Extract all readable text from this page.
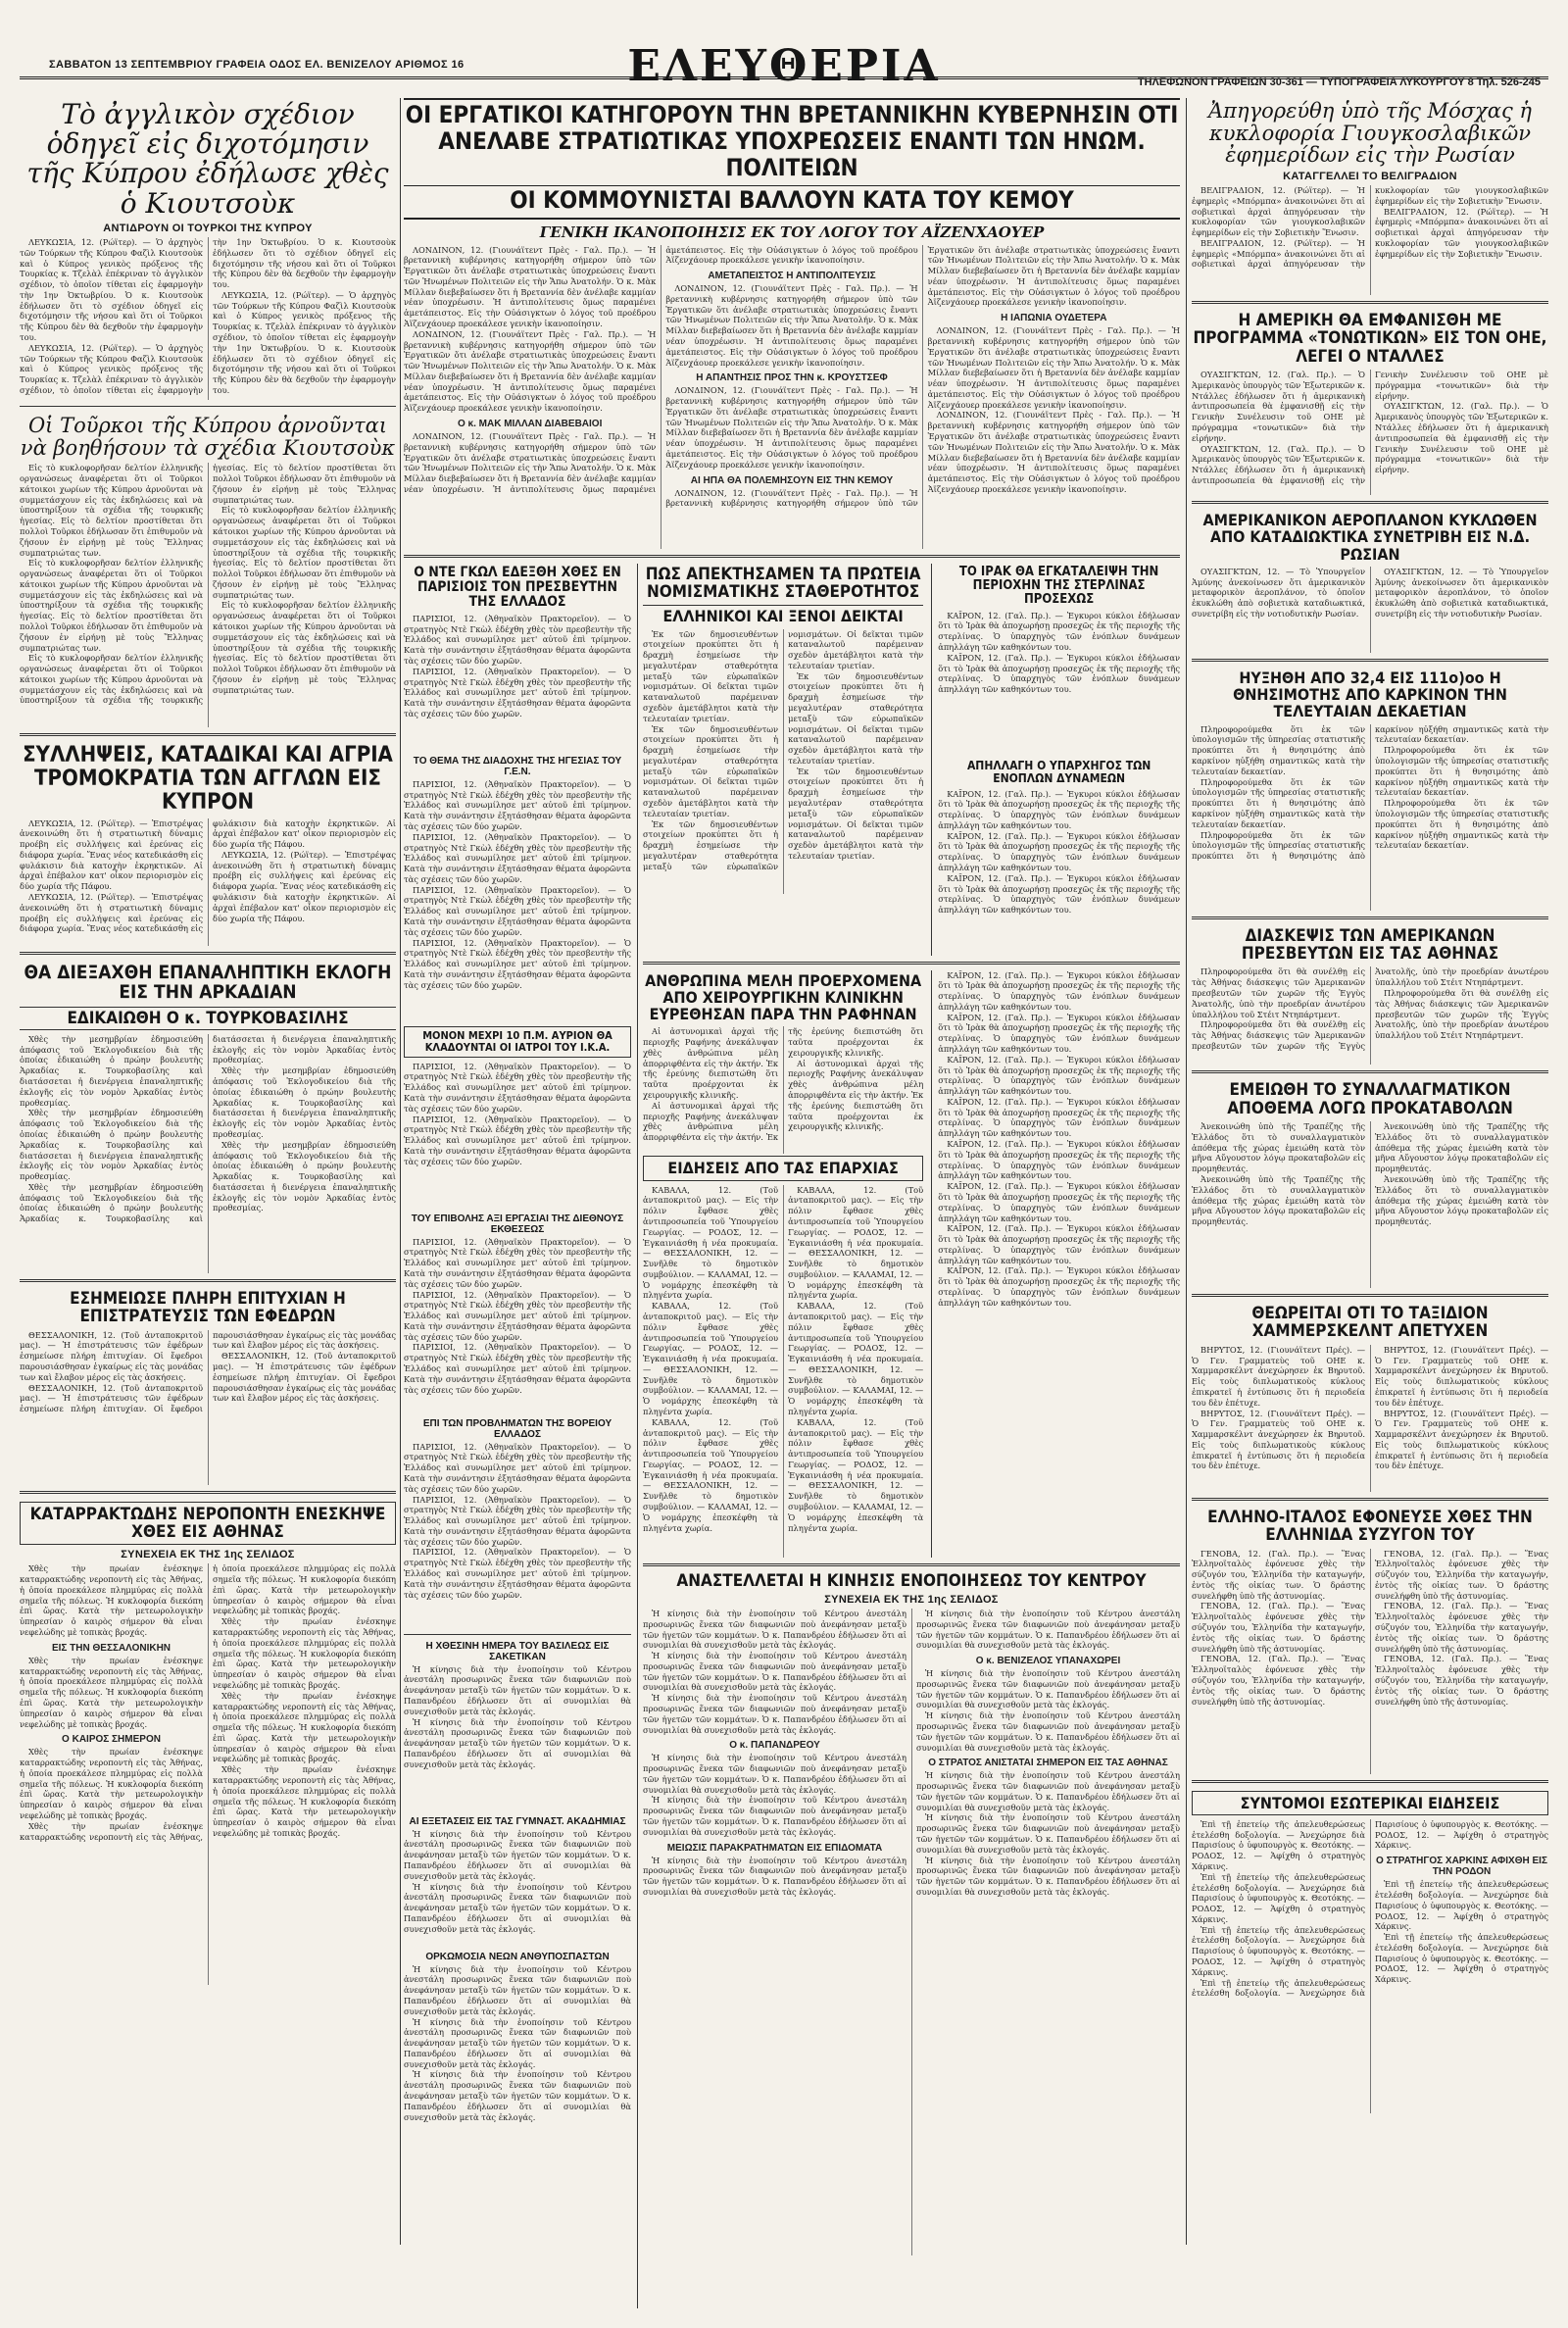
ΣΑΒΒΑΤΟΝ 13 ΣΕΠΤΕΜΒΡΙΟΥ ΓΡΑΦΕΙΑ ΟΔΟΣ ΕΛ. ΒΕΝΙΖΕΛΟΥ ΑΡΙΘΜΟΣ 16	ΕΛΕΥΘΕΡΙΑ	ΤΗΛΕΦΩΝΟΝ ΓΡΑΦΕΙΩΝ 30-361 — ΤΥΠΟΓΡΑΦΕΙΑ ΛΥΚΟΥΡΓΟΥ 8 Τηλ. 526-245
Τὸ ἀγγλικὸν σχέδιον ὁδηγεῖ εἰς διχοτόμησιν τῆς Κύπρου ἐδήλωσε χθὲς ὁ Κιουτσοὺκ
ΑΝΤΙΔΡΟΥΝ ΟΙ ΤΟΥΡΚΟΙ ΤΗΣ ΚΥΠΡΟΥ

ΛΕΥΚΩΣΙΑ, 12. (Ρώϊτερ). — Ὁ ἀρχηγὸς τῶν Τούρκων τῆς Κύπρου Φαζὶλ Κιουτσοὺκ καὶ ὁ Κύπρος γενικὸς πρόξενος τῆς Τουρκίας κ. Τζελὰλ ἐπέκριναν τὸ ἀγγλικὸν σχέδιον, τὸ ὁποῖον τίθεται εἰς ἐφαρμογὴν τὴν 1ην Ὀκτωβρίου. Ὁ κ. Κιουτσοὺκ ἐδήλωσεν ὅτι τὸ σχέδιον ὁδηγεῖ εἰς διχοτόμησιν τῆς νήσου καὶ ὅτι οἱ Τοῦρκοι τῆς Κύπρου δὲν θὰ δεχθοῦν τὴν ἐφαρμογὴν του.

ΛΕΥΚΩΣΙΑ, 12. (Ρώϊτερ). — Ὁ ἀρχηγὸς τῶν Τούρκων τῆς Κύπρου Φαζὶλ Κιουτσοὺκ καὶ ὁ Κύπρος γενικὸς πρόξενος τῆς Τουρκίας κ. Τζελὰλ ἐπέκριναν τὸ ἀγγλικὸν σχέδιον, τὸ ὁποῖον τίθεται εἰς ἐφαρμογὴν τὴν 1ην Ὀκτωβρίου. Ὁ κ. Κιουτσοὺκ ἐδήλωσεν ὅτι τὸ σχέδιον ὁδηγεῖ εἰς διχοτόμησιν τῆς νήσου καὶ ὅτι οἱ Τοῦρκοι τῆς Κύπρου δὲν θὰ δεχθοῦν τὴν ἐφαρμογὴν του.

ΛΕΥΚΩΣΙΑ, 12. (Ρώϊτερ). — Ὁ ἀρχηγὸς τῶν Τούρκων τῆς Κύπρου Φαζὶλ Κιουτσοὺκ καὶ ὁ Κύπρος γενικὸς πρόξενος τῆς Τουρκίας κ. Τζελὰλ ἐπέκριναν τὸ ἀγγλικὸν σχέδιον, τὸ ὁποῖον τίθεται εἰς ἐφαρμογὴν τὴν 1ην Ὀκτωβρίου. Ὁ κ. Κιουτσοὺκ ἐδήλωσεν ὅτι τὸ σχέδιον ὁδηγεῖ εἰς διχοτόμησιν τῆς νήσου καὶ ὅτι οἱ Τοῦρκοι τῆς Κύπρου δὲν θὰ δεχθοῦν τὴν ἐφαρμογὴν του.

Οἱ Τοῦρκοι τῆς Κύπρου ἀρνοῦνται νὰ βοηθήσουν τὰ σχέδια Κιουτσοὺκ

Εἰς τὸ κυκλοφορῆσαν δελτίον ἐλληνικῆς οργανώσεως ἀναφέρεται ὅτι οἱ Τοῦρκοι κάτοικοι χωρίων τῆς Κύπρου ἀρνοῦνται νὰ συμμετάσχουν εἰς τὰς ἐκδηλώσεις καὶ νὰ ὑποστηρίξουν τὰ σχέδια τῆς τουρκικῆς ἡγεσίας. Εἰς τὸ δελτίον προστίθεται ὅτι πολλοὶ Τοῦρκοι ἐδήλωσαν ὅτι ἐπιθυμοῦν νὰ ζήσουν ἐν εἰρήνῃ μὲ τοὺς Ἕλληνας συμπατριώτας των.

Εἰς τὸ κυκλοφορῆσαν δελτίον ἐλληνικῆς οργανώσεως ἀναφέρεται ὅτι οἱ Τοῦρκοι κάτοικοι χωρίων τῆς Κύπρου ἀρνοῦνται νὰ συμμετάσχουν εἰς τὰς ἐκδηλώσεις καὶ νὰ ὑποστηρίξουν τὰ σχέδια τῆς τουρκικῆς ἡγεσίας. Εἰς τὸ δελτίον προστίθεται ὅτι πολλοὶ Τοῦρκοι ἐδήλωσαν ὅτι ἐπιθυμοῦν νὰ ζήσουν ἐν εἰρήνῃ μὲ τοὺς Ἕλληνας συμπατριώτας των.

Εἰς τὸ κυκλοφορῆσαν δελτίον ἐλληνικῆς οργανώσεως ἀναφέρεται ὅτι οἱ Τοῦρκοι κάτοικοι χωρίων τῆς Κύπρου ἀρνοῦνται νὰ συμμετάσχουν εἰς τὰς ἐκδηλώσεις καὶ νὰ ὑποστηρίξουν τὰ σχέδια τῆς τουρκικῆς ἡγεσίας. Εἰς τὸ δελτίον προστίθεται ὅτι πολλοὶ Τοῦρκοι ἐδήλωσαν ὅτι ἐπιθυμοῦν νὰ ζήσουν ἐν εἰρήνῃ μὲ τοὺς Ἕλληνας συμπατριώτας των.

Εἰς τὸ κυκλοφορῆσαν δελτίον ἐλληνικῆς οργανώσεως ἀναφέρεται ὅτι οἱ Τοῦρκοι κάτοικοι χωρίων τῆς Κύπρου ἀρνοῦνται νὰ συμμετάσχουν εἰς τὰς ἐκδηλώσεις καὶ νὰ ὑποστηρίξουν τὰ σχέδια τῆς τουρκικῆς ἡγεσίας. Εἰς τὸ δελτίον προστίθεται ὅτι πολλοὶ Τοῦρκοι ἐδήλωσαν ὅτι ἐπιθυμοῦν νὰ ζήσουν ἐν εἰρήνῃ μὲ τοὺς Ἕλληνας συμπατριώτας των.

Εἰς τὸ κυκλοφορῆσαν δελτίον ἐλληνικῆς οργανώσεως ἀναφέρεται ὅτι οἱ Τοῦρκοι κάτοικοι χωρίων τῆς Κύπρου ἀρνοῦνται νὰ συμμετάσχουν εἰς τὰς ἐκδηλώσεις καὶ νὰ ὑποστηρίξουν τὰ σχέδια τῆς τουρκικῆς ἡγεσίας. Εἰς τὸ δελτίον προστίθεται ὅτι πολλοὶ Τοῦρκοι ἐδήλωσαν ὅτι ἐπιθυμοῦν νὰ ζήσουν ἐν εἰρήνῃ μὲ τοὺς Ἕλληνας συμπατριώτας των.

ΣΥΛΛΗΨΕΙΣ, ΚΑΤΑΔΙΚΑΙ ΚΑΙ ΑΓΡΙΑ ΤΡΟΜΟΚΡΑΤΙΑ ΤΩΝ ΑΓΓΛΩΝ ΕΙΣ ΚΥΠΡΟΝ

ΛΕΥΚΩΣΙΑ, 12. (Ρώϊτερ). — Ἐπιστρέψας ἀνεκοινώθη ὅτι ἡ στρατιωτικὴ δύναμις προέβη εἰς συλλήψεις καὶ ἐρεύνας εἰς διάφορα χωρία. Ἕνας νέος κατεδικάσθη εἰς φυλάκισιν διὰ κατοχὴν ἐκρηκτικῶν. Αἱ ἀρχαὶ ἐπέβαλον κατ' οἶκον περιορισμὸν εἰς δύο χωρία τῆς Πάφου.

ΛΕΥΚΩΣΙΑ, 12. (Ρώϊτερ). — Ἐπιστρέψας ἀνεκοινώθη ὅτι ἡ στρατιωτικὴ δύναμις προέβη εἰς συλλήψεις καὶ ἐρεύνας εἰς διάφορα χωρία. Ἕνας νέος κατεδικάσθη εἰς φυλάκισιν διὰ κατοχὴν ἐκρηκτικῶν. Αἱ ἀρχαὶ ἐπέβαλον κατ' οἶκον περιορισμὸν εἰς δύο χωρία τῆς Πάφου.

ΛΕΥΚΩΣΙΑ, 12. (Ρώϊτερ). — Ἐπιστρέψας ἀνεκοινώθη ὅτι ἡ στρατιωτικὴ δύναμις προέβη εἰς συλλήψεις καὶ ἐρεύνας εἰς διάφορα χωρία. Ἕνας νέος κατεδικάσθη εἰς φυλάκισιν διὰ κατοχὴν ἐκρηκτικῶν. Αἱ ἀρχαὶ ἐπέβαλον κατ' οἶκον περιορισμὸν εἰς δύο χωρία τῆς Πάφου.

ΘΑ ΔΙΕΞΑΧΘΗ ΕΠΑΝΑΛΗΠΤΙΚΗ ΕΚΛΟΓΗ ΕΙΣ ΤΗΝ ΑΡΚΑΔΙΑΝ
ΕΔΙΚΑΙΩΘΗ Ο κ. ΤΟΥΡΚΟΒΑΣΙΛΗΣ

Χθὲς τὴν μεσημβρίαν ἐδημοσιεύθη ἀπόφασις τοῦ Ἐκλογοδικείου διὰ τῆς ὁποίας ἐδικαιώθη ὁ πρώην βουλευτὴς Ἀρκαδίας κ. Τουρκοβασίλης καὶ διατάσσεται ἡ διενέργεια ἐπαναληπτικῆς ἐκλογῆς εἰς τὸν νομὸν Ἀρκαδίας ἐντὸς προθεσμίας.

Χθὲς τὴν μεσημβρίαν ἐδημοσιεύθη ἀπόφασις τοῦ Ἐκλογοδικείου διὰ τῆς ὁποίας ἐδικαιώθη ὁ πρώην βουλευτὴς Ἀρκαδίας κ. Τουρκοβασίλης καὶ διατάσσεται ἡ διενέργεια ἐπαναληπτικῆς ἐκλογῆς εἰς τὸν νομὸν Ἀρκαδίας ἐντὸς προθεσμίας.

Χθὲς τὴν μεσημβρίαν ἐδημοσιεύθη ἀπόφασις τοῦ Ἐκλογοδικείου διὰ τῆς ὁποίας ἐδικαιώθη ὁ πρώην βουλευτὴς Ἀρκαδίας κ. Τουρκοβασίλης καὶ διατάσσεται ἡ διενέργεια ἐπαναληπτικῆς ἐκλογῆς εἰς τὸν νομὸν Ἀρκαδίας ἐντὸς προθεσμίας.

Χθὲς τὴν μεσημβρίαν ἐδημοσιεύθη ἀπόφασις τοῦ Ἐκλογοδικείου διὰ τῆς ὁποίας ἐδικαιώθη ὁ πρώην βουλευτὴς Ἀρκαδίας κ. Τουρκοβασίλης καὶ διατάσσεται ἡ διενέργεια ἐπαναληπτικῆς ἐκλογῆς εἰς τὸν νομὸν Ἀρκαδίας ἐντὸς προθεσμίας.

Χθὲς τὴν μεσημβρίαν ἐδημοσιεύθη ἀπόφασις τοῦ Ἐκλογοδικείου διὰ τῆς ὁποίας ἐδικαιώθη ὁ πρώην βουλευτὴς Ἀρκαδίας κ. Τουρκοβασίλης καὶ διατάσσεται ἡ διενέργεια ἐπαναληπτικῆς ἐκλογῆς εἰς τὸν νομὸν Ἀρκαδίας ἐντὸς προθεσμίας.

ΕΣΗΜΕΙΩΣΕ ΠΛΗΡΗ ΕΠΙΤΥΧΙΑΝ Η ΕΠΙΣΤΡΑΤΕΥΣΙΣ ΤΩΝ ΕΦΕΔΡΩΝ

ΘΕΣΣΑΛΟΝΙΚΗ, 12. (Τοῦ ἀνταποκριτοῦ μας). — Ἡ ἐπιστράτευσις τῶν ἐφέδρων ἐσημείωσε πλήρη ἐπιτυχίαν. Οἱ ἔφεδροι παρουσιάσθησαν ἐγκαίρως εἰς τὰς μονάδας των καὶ ἔλαβον μέρος εἰς τὰς ἀσκήσεις.

ΘΕΣΣΑΛΟΝΙΚΗ, 12. (Τοῦ ἀνταποκριτοῦ μας). — Ἡ ἐπιστράτευσις τῶν ἐφέδρων ἐσημείωσε πλήρη ἐπιτυχίαν. Οἱ ἔφεδροι παρουσιάσθησαν ἐγκαίρως εἰς τὰς μονάδας των καὶ ἔλαβον μέρος εἰς τὰς ἀσκήσεις.

ΘΕΣΣΑΛΟΝΙΚΗ, 12. (Τοῦ ἀνταποκριτοῦ μας). — Ἡ ἐπιστράτευσις τῶν ἐφέδρων ἐσημείωσε πλήρη ἐπιτυχίαν. Οἱ ἔφεδροι παρουσιάσθησαν ἐγκαίρως εἰς τὰς μονάδας των καὶ ἔλαβον μέρος εἰς τὰς ἀσκήσεις.

ΚΑΤΑΡΡΑΚΤΩΔΗΣ ΝΕΡΟΠΟΝΤΗ ΕΝΕΣΚΗΨΕ ΧΘΕΣ ΕΙΣ ΑΘΗΝΑΣ
ΣΥΝΕΧΕΙΑ ΕΚ ΤΗΣ 1ης ΣΕΛΙΔΟΣ

Χθὲς τὴν πρωίαν ἐνέσκηψε καταρρακτώδης νεροποντὴ εἰς τὰς Ἀθήνας, ἡ ὁποία προεκάλεσε πλημμύρας εἰς πολλὰ σημεῖα τῆς πόλεως. Ἡ κυκλοφορία διεκόπη ἐπὶ ὥρας. Κατὰ τὴν μετεωρολογικὴν ὑπηρεσίαν ὁ καιρὸς σήμερον θὰ εἶναι νεφελώδης μὲ τοπικὰς βροχάς.

ΕΙΣ ΤΗΝ ΘΕΣΣΑΛΟΝΙΚΗΝ

Χθὲς τὴν πρωίαν ἐνέσκηψε καταρρακτώδης νεροποντὴ εἰς τὰς Ἀθήνας, ἡ ὁποία προεκάλεσε πλημμύρας εἰς πολλὰ σημεῖα τῆς πόλεως. Ἡ κυκλοφορία διεκόπη ἐπὶ ὥρας. Κατὰ τὴν μετεωρολογικὴν ὑπηρεσίαν ὁ καιρὸς σήμερον θὰ εἶναι νεφελώδης μὲ τοπικὰς βροχάς.

Ο ΚΑΙΡΟΣ ΣΗΜΕΡΟΝ

Χθὲς τὴν πρωίαν ἐνέσκηψε καταρρακτώδης νεροποντὴ εἰς τὰς Ἀθήνας, ἡ ὁποία προεκάλεσε πλημμύρας εἰς πολλὰ σημεῖα τῆς πόλεως. Ἡ κυκλοφορία διεκόπη ἐπὶ ὥρας. Κατὰ τὴν μετεωρολογικὴν ὑπηρεσίαν ὁ καιρὸς σήμερον θὰ εἶναι νεφελώδης μὲ τοπικὰς βροχάς.

Χθὲς τὴν πρωίαν ἐνέσκηψε καταρρακτώδης νεροποντὴ εἰς τὰς Ἀθήνας, ἡ ὁποία προεκάλεσε πλημμύρας εἰς πολλὰ σημεῖα τῆς πόλεως. Ἡ κυκλοφορία διεκόπη ἐπὶ ὥρας. Κατὰ τὴν μετεωρολογικὴν ὑπηρεσίαν ὁ καιρὸς σήμερον θὰ εἶναι νεφελώδης μὲ τοπικὰς βροχάς.

Χθὲς τὴν πρωίαν ἐνέσκηψε καταρρακτώδης νεροποντὴ εἰς τὰς Ἀθήνας, ἡ ὁποία προεκάλεσε πλημμύρας εἰς πολλὰ σημεῖα τῆς πόλεως. Ἡ κυκλοφορία διεκόπη ἐπὶ ὥρας. Κατὰ τὴν μετεωρολογικὴν ὑπηρεσίαν ὁ καιρὸς σήμερον θὰ εἶναι νεφελώδης μὲ τοπικὰς βροχάς.

Χθὲς τὴν πρωίαν ἐνέσκηψε καταρρακτώδης νεροποντὴ εἰς τὰς Ἀθήνας, ἡ ὁποία προεκάλεσε πλημμύρας εἰς πολλὰ σημεῖα τῆς πόλεως. Ἡ κυκλοφορία διεκόπη ἐπὶ ὥρας. Κατὰ τὴν μετεωρολογικὴν ὑπηρεσίαν ὁ καιρὸς σήμερον θὰ εἶναι νεφελώδης μὲ τοπικὰς βροχάς.

Χθὲς τὴν πρωίαν ἐνέσκηψε καταρρακτώδης νεροποντὴ εἰς τὰς Ἀθήνας, ἡ ὁποία προεκάλεσε πλημμύρας εἰς πολλὰ σημεῖα τῆς πόλεως. Ἡ κυκλοφορία διεκόπη ἐπὶ ὥρας. Κατὰ τὴν μετεωρολογικὴν ὑπηρεσίαν ὁ καιρὸς σήμερον θὰ εἶναι νεφελώδης μὲ τοπικὰς βροχάς.

ΟΙ ΕΡΓΑΤΙΚΟΙ ΚΑΤΗΓΟΡΟΥΝ ΤΗΝ ΒΡΕΤΑΝΝΙΚΗΝ ΚΥΒΕΡΝΗΣΙΝ ΟΤΙ ΑΝΕΛΑΒΕ ΣΤΡΑΤΙΩΤΙΚΑΣ ΥΠΟΧΡΕΩΣΕΙΣ ΕΝΑΝΤΙ ΤΩΝ ΗΝΩΜ. ΠΟΛΙΤΕΙΩΝ
ΟΙ ΚΟΜΜΟΥΝΙΣΤΑΙ ΒΑΛΛΟΥΝ ΚΑΤΑ ΤΟΥ ΚΕΜΟΥ
ΓΕΝΙΚΗ ΙΚΑΝΟΠΟΙΗΣΙΣ ΕΚ ΤΟΥ ΛΟΓΟΥ ΤΟΥ ΑΪΖΕΝΧΑΟΥΕΡ

ΛΟΝΔΙΝΟΝ, 12. (Γιουνάϊτεντ Πρὲς - Γαλ. Πρ.). — Ἡ βρεταννικὴ κυβέρνησις κατηγορήθη σήμερον ὑπὸ τῶν Ἐργατικῶν ὅτι ἀνέλαβε στρατιωτικὰς ὑποχρεώσεις ἔναντι τῶν Ἡνωμένων Πολιτειῶν εἰς τὴν Ἄπω Ἀνατολήν. Ὁ κ. Μὰκ Μίλλαν διεβεβαίωσεν ὅτι ἡ Βρεταννία δὲν ἀνέλαβε καμμίαν νέαν ὑποχρέωσιν. Ἡ ἀντιπολίτευσις ὅμως παραμένει ἀμετάπειστος. Εἰς τὴν Οὐάσιγκτων ὁ λόγος τοῦ προέδρου Ἀϊζενχάουερ προεκάλεσε γενικὴν ἱκανοποίησιν.

ΛΟΝΔΙΝΟΝ, 12. (Γιουνάϊτεντ Πρὲς - Γαλ. Πρ.). — Ἡ βρεταννικὴ κυβέρνησις κατηγορήθη σήμερον ὑπὸ τῶν Ἐργατικῶν ὅτι ἀνέλαβε στρατιωτικὰς ὑποχρεώσεις ἔναντι τῶν Ἡνωμένων Πολιτειῶν εἰς τὴν Ἄπω Ἀνατολήν. Ὁ κ. Μὰκ Μίλλαν διεβεβαίωσεν ὅτι ἡ Βρεταννία δὲν ἀνέλαβε καμμίαν νέαν ὑποχρέωσιν. Ἡ ἀντιπολίτευσις ὅμως παραμένει ἀμετάπειστος. Εἰς τὴν Οὐάσιγκτων ὁ λόγος τοῦ προέδρου Ἀϊζενχάουερ προεκάλεσε γενικὴν ἱκανοποίησιν.

Ο κ. ΜΑΚ ΜΙΛΛΑΝ ΔΙΑΒΕΒΑΙΟΙ

ΛΟΝΔΙΝΟΝ, 12. (Γιουνάϊτεντ Πρὲς - Γαλ. Πρ.). — Ἡ βρεταννικὴ κυβέρνησις κατηγορήθη σήμερον ὑπὸ τῶν Ἐργατικῶν ὅτι ἀνέλαβε στρατιωτικὰς ὑποχρεώσεις ἔναντι τῶν Ἡνωμένων Πολιτειῶν εἰς τὴν Ἄπω Ἀνατολήν. Ὁ κ. Μὰκ Μίλλαν διεβεβαίωσεν ὅτι ἡ Βρεταννία δὲν ἀνέλαβε καμμίαν νέαν ὑποχρέωσιν. Ἡ ἀντιπολίτευσις ὅμως παραμένει ἀμετάπειστος. Εἰς τὴν Οὐάσιγκτων ὁ λόγος τοῦ προέδρου Ἀϊζενχάουερ προεκάλεσε γενικὴν ἱκανοποίησιν.

ΑΜΕΤΑΠΕΙΣΤΟΣ Η ΑΝΤΙΠΟΛΙΤΕΥΣΙΣ

ΛΟΝΔΙΝΟΝ, 12. (Γιουνάϊτεντ Πρὲς - Γαλ. Πρ.). — Ἡ βρεταννικὴ κυβέρνησις κατηγορήθη σήμερον ὑπὸ τῶν Ἐργατικῶν ὅτι ἀνέλαβε στρατιωτικὰς ὑποχρεώσεις ἔναντι τῶν Ἡνωμένων Πολιτειῶν εἰς τὴν Ἄπω Ἀνατολήν. Ὁ κ. Μὰκ Μίλλαν διεβεβαίωσεν ὅτι ἡ Βρεταννία δὲν ἀνέλαβε καμμίαν νέαν ὑποχρέωσιν. Ἡ ἀντιπολίτευσις ὅμως παραμένει ἀμετάπειστος. Εἰς τὴν Οὐάσιγκτων ὁ λόγος τοῦ προέδρου Ἀϊζενχάουερ προεκάλεσε γενικὴν ἱκανοποίησιν.

Η ΑΠΑΝΤΗΣΙΣ ΠΡΟΣ ΤΗΝ κ. ΚΡΟΥΣΤΣΕΦ

ΛΟΝΔΙΝΟΝ, 12. (Γιουνάϊτεντ Πρὲς - Γαλ. Πρ.). — Ἡ βρεταννικὴ κυβέρνησις κατηγορήθη σήμερον ὑπὸ τῶν Ἐργατικῶν ὅτι ἀνέλαβε στρατιωτικὰς ὑποχρεώσεις ἔναντι τῶν Ἡνωμένων Πολιτειῶν εἰς τὴν Ἄπω Ἀνατολήν. Ὁ κ. Μὰκ Μίλλαν διεβεβαίωσεν ὅτι ἡ Βρεταννία δὲν ἀνέλαβε καμμίαν νέαν ὑποχρέωσιν. Ἡ ἀντιπολίτευσις ὅμως παραμένει ἀμετάπειστος. Εἰς τὴν Οὐάσιγκτων ὁ λόγος τοῦ προέδρου Ἀϊζενχάουερ προεκάλεσε γενικὴν ἱκανοποίησιν.

ΑΙ ΗΠΑ ΘΑ ΠΟΛΕΜΗΣΟΥΝ ΕΙΣ ΤΗΝ ΚΕΜΟΥ

ΛΟΝΔΙΝΟΝ, 12. (Γιουνάϊτεντ Πρὲς - Γαλ. Πρ.). — Ἡ βρεταννικὴ κυβέρνησις κατηγορήθη σήμερον ὑπὸ τῶν Ἐργατικῶν ὅτι ἀνέλαβε στρατιωτικὰς ὑποχρεώσεις ἔναντι τῶν Ἡνωμένων Πολιτειῶν εἰς τὴν Ἄπω Ἀνατολήν. Ὁ κ. Μὰκ Μίλλαν διεβεβαίωσεν ὅτι ἡ Βρεταννία δὲν ἀνέλαβε καμμίαν νέαν ὑποχρέωσιν. Ἡ ἀντιπολίτευσις ὅμως παραμένει ἀμετάπειστος. Εἰς τὴν Οὐάσιγκτων ὁ λόγος τοῦ προέδρου Ἀϊζενχάουερ προεκάλεσε γενικὴν ἱκανοποίησιν.

Η ΙΑΠΩΝΙΑ ΟΥΔΕΤΕΡΑ

ΛΟΝΔΙΝΟΝ, 12. (Γιουνάϊτεντ Πρὲς - Γαλ. Πρ.). — Ἡ βρεταννικὴ κυβέρνησις κατηγορήθη σήμερον ὑπὸ τῶν Ἐργατικῶν ὅτι ἀνέλαβε στρατιωτικὰς ὑποχρεώσεις ἔναντι τῶν Ἡνωμένων Πολιτειῶν εἰς τὴν Ἄπω Ἀνατολήν. Ὁ κ. Μὰκ Μίλλαν διεβεβαίωσεν ὅτι ἡ Βρεταννία δὲν ἀνέλαβε καμμίαν νέαν ὑποχρέωσιν. Ἡ ἀντιπολίτευσις ὅμως παραμένει ἀμετάπειστος. Εἰς τὴν Οὐάσιγκτων ὁ λόγος τοῦ προέδρου Ἀϊζενχάουερ προεκάλεσε γενικὴν ἱκανοποίησιν.

ΛΟΝΔΙΝΟΝ, 12. (Γιουνάϊτεντ Πρὲς - Γαλ. Πρ.). — Ἡ βρεταννικὴ κυβέρνησις κατηγορήθη σήμερον ὑπὸ τῶν Ἐργατικῶν ὅτι ἀνέλαβε στρατιωτικὰς ὑποχρεώσεις ἔναντι τῶν Ἡνωμένων Πολιτειῶν εἰς τὴν Ἄπω Ἀνατολήν. Ὁ κ. Μὰκ Μίλλαν διεβεβαίωσεν ὅτι ἡ Βρεταννία δὲν ἀνέλαβε καμμίαν νέαν ὑποχρέωσιν. Ἡ ἀντιπολίτευσις ὅμως παραμένει ἀμετάπειστος. Εἰς τὴν Οὐάσιγκτων ὁ λόγος τοῦ προέδρου Ἀϊζενχάουερ προεκάλεσε γενικὴν ἱκανοποίησιν.

Ο ΝΤΕ ΓΚΩΛ ΕΔΕΞΘΗ ΧΘΕΣ ΕΝ ΠΑΡΙΣΙΟΙΣ ΤΟΝ ΠΡΕΣΒΕΥΤΗΝ ΤΗΣ ΕΛΛΑΔΟΣ

ΠΑΡΙΣΙΟΙ, 12. (Ἀθηναϊκὸν Πρακτορεῖον). — Ὁ στρατηγὸς Ντὲ Γκὼλ ἐδέχθη χθὲς τὸν πρεσβευτὴν τῆς Ἑλλάδος καὶ συνωμίλησε μετ' αὐτοῦ ἐπὶ τρίμηνον. Κατὰ τὴν συνάντησιν ἐξητάσθησαν θέματα ἀφορῶντα τὰς σχέσεις τῶν δύο χωρῶν.

ΠΑΡΙΣΙΟΙ, 12. (Ἀθηναϊκὸν Πρακτορεῖον). — Ὁ στρατηγὸς Ντὲ Γκὼλ ἐδέχθη χθὲς τὸν πρεσβευτὴν τῆς Ἑλλάδος καὶ συνωμίλησε μετ' αὐτοῦ ἐπὶ τρίμηνον. Κατὰ τὴν συνάντησιν ἐξητάσθησαν θέματα ἀφορῶντα τὰς σχέσεις τῶν δύο χωρῶν.

ΤΟ ΘΕΜΑ ΤΗΣ ΔΙΑΔΟΧΗΣ ΤΗΣ ΗΓΕΣΙΑΣ ΤΟΥ Γ.Ε.Ν.

ΠΑΡΙΣΙΟΙ, 12. (Ἀθηναϊκὸν Πρακτορεῖον). — Ὁ στρατηγὸς Ντὲ Γκὼλ ἐδέχθη χθὲς τὸν πρεσβευτὴν τῆς Ἑλλάδος καὶ συνωμίλησε μετ' αὐτοῦ ἐπὶ τρίμηνον. Κατὰ τὴν συνάντησιν ἐξητάσθησαν θέματα ἀφορῶντα τὰς σχέσεις τῶν δύο χωρῶν.

ΠΑΡΙΣΙΟΙ, 12. (Ἀθηναϊκὸν Πρακτορεῖον). — Ὁ στρατηγὸς Ντὲ Γκὼλ ἐδέχθη χθὲς τὸν πρεσβευτὴν τῆς Ἑλλάδος καὶ συνωμίλησε μετ' αὐτοῦ ἐπὶ τρίμηνον. Κατὰ τὴν συνάντησιν ἐξητάσθησαν θέματα ἀφορῶντα τὰς σχέσεις τῶν δύο χωρῶν.

ΠΑΡΙΣΙΟΙ, 12. (Ἀθηναϊκὸν Πρακτορεῖον). — Ὁ στρατηγὸς Ντὲ Γκὼλ ἐδέχθη χθὲς τὸν πρεσβευτὴν τῆς Ἑλλάδος καὶ συνωμίλησε μετ' αὐτοῦ ἐπὶ τρίμηνον. Κατὰ τὴν συνάντησιν ἐξητάσθησαν θέματα ἀφορῶντα τὰς σχέσεις τῶν δύο χωρῶν.

ΠΑΡΙΣΙΟΙ, 12. (Ἀθηναϊκὸν Πρακτορεῖον). — Ὁ στρατηγὸς Ντὲ Γκὼλ ἐδέχθη χθὲς τὸν πρεσβευτὴν τῆς Ἑλλάδος καὶ συνωμίλησε μετ' αὐτοῦ ἐπὶ τρίμηνον. Κατὰ τὴν συνάντησιν ἐξητάσθησαν θέματα ἀφορῶντα τὰς σχέσεις τῶν δύο χωρῶν.

ΜΟΝΟΝ ΜΕΧΡΙ 10 Π.Μ. ΑΥΡΙΟΝ ΘΑ ΚΛΑΔΟΥΝΤΑΙ ΟΙ ΙΑΤΡΟΙ ΤΟΥ Ι.Κ.Α.

ΠΑΡΙΣΙΟΙ, 12. (Ἀθηναϊκὸν Πρακτορεῖον). — Ὁ στρατηγὸς Ντὲ Γκὼλ ἐδέχθη χθὲς τὸν πρεσβευτὴν τῆς Ἑλλάδος καὶ συνωμίλησε μετ' αὐτοῦ ἐπὶ τρίμηνον. Κατὰ τὴν συνάντησιν ἐξητάσθησαν θέματα ἀφορῶντα τὰς σχέσεις τῶν δύο χωρῶν.

ΠΑΡΙΣΙΟΙ, 12. (Ἀθηναϊκὸν Πρακτορεῖον). — Ὁ στρατηγὸς Ντὲ Γκὼλ ἐδέχθη χθὲς τὸν πρεσβευτὴν τῆς Ἑλλάδος καὶ συνωμίλησε μετ' αὐτοῦ ἐπὶ τρίμηνον. Κατὰ τὴν συνάντησιν ἐξητάσθησαν θέματα ἀφορῶντα τὰς σχέσεις τῶν δύο χωρῶν.

ΤΟΥ ΕΠΙΒΟΛΗΣ ΑΞΙ ΕΡΓΑΣΙΑΙ ΤΗΣ ΔΙΕΘΝΟΥΣ ΕΚΘΕΣΕΩΣ

ΠΑΡΙΣΙΟΙ, 12. (Ἀθηναϊκὸν Πρακτορεῖον). — Ὁ στρατηγὸς Ντὲ Γκὼλ ἐδέχθη χθὲς τὸν πρεσβευτὴν τῆς Ἑλλάδος καὶ συνωμίλησε μετ' αὐτοῦ ἐπὶ τρίμηνον. Κατὰ τὴν συνάντησιν ἐξητάσθησαν θέματα ἀφορῶντα τὰς σχέσεις τῶν δύο χωρῶν.

ΠΑΡΙΣΙΟΙ, 12. (Ἀθηναϊκὸν Πρακτορεῖον). — Ὁ στρατηγὸς Ντὲ Γκὼλ ἐδέχθη χθὲς τὸν πρεσβευτὴν τῆς Ἑλλάδος καὶ συνωμίλησε μετ' αὐτοῦ ἐπὶ τρίμηνον. Κατὰ τὴν συνάντησιν ἐξητάσθησαν θέματα ἀφορῶντα τὰς σχέσεις τῶν δύο χωρῶν.

ΠΑΡΙΣΙΟΙ, 12. (Ἀθηναϊκὸν Πρακτορεῖον). — Ὁ στρατηγὸς Ντὲ Γκὼλ ἐδέχθη χθὲς τὸν πρεσβευτὴν τῆς Ἑλλάδος καὶ συνωμίλησε μετ' αὐτοῦ ἐπὶ τρίμηνον. Κατὰ τὴν συνάντησιν ἐξητάσθησαν θέματα ἀφορῶντα τὰς σχέσεις τῶν δύο χωρῶν.

ΕΠΙ ΤΩΝ ΠΡΟΒΛΗΜΑΤΩΝ ΤΗΣ ΒΟΡΕΙΟΥ ΕΛΛΑΔΟΣ

ΠΑΡΙΣΙΟΙ, 12. (Ἀθηναϊκὸν Πρακτορεῖον). — Ὁ στρατηγὸς Ντὲ Γκὼλ ἐδέχθη χθὲς τὸν πρεσβευτὴν τῆς Ἑλλάδος καὶ συνωμίλησε μετ' αὐτοῦ ἐπὶ τρίμηνον. Κατὰ τὴν συνάντησιν ἐξητάσθησαν θέματα ἀφορῶντα τὰς σχέσεις τῶν δύο χωρῶν.

ΠΑΡΙΣΙΟΙ, 12. (Ἀθηναϊκὸν Πρακτορεῖον). — Ὁ στρατηγὸς Ντὲ Γκὼλ ἐδέχθη χθὲς τὸν πρεσβευτὴν τῆς Ἑλλάδος καὶ συνωμίλησε μετ' αὐτοῦ ἐπὶ τρίμηνον. Κατὰ τὴν συνάντησιν ἐξητάσθησαν θέματα ἀφορῶντα τὰς σχέσεις τῶν δύο χωρῶν.

ΠΑΡΙΣΙΟΙ, 12. (Ἀθηναϊκὸν Πρακτορεῖον). — Ὁ στρατηγὸς Ντὲ Γκὼλ ἐδέχθη χθὲς τὸν πρεσβευτὴν τῆς Ἑλλάδος καὶ συνωμίλησε μετ' αὐτοῦ ἐπὶ τρίμηνον. Κατὰ τὴν συνάντησιν ἐξητάσθησαν θέματα ἀφορῶντα τὰς σχέσεις τῶν δύο χωρῶν.

Η ΧΘΕΣΙΝΗ ΗΜΕΡΑ ΤΟΥ ΒΑΣΙΛΕΩΣ ΕΙΣ ΣΑΚΕΤΙΚΑΝ

Ἡ κίνησις διὰ τὴν ἑνοποίησιν τοῦ Κέντρου ἀνεστάλη προσωρινῶς ἕνεκα τῶν διαφωνιῶν ποὺ ἀνεφάνησαν μεταξὺ τῶν ἡγετῶν τῶν κομμάτων. Ὁ κ. Παπανδρέου ἐδήλωσεν ὅτι αἱ συνομιλίαι θὰ συνεχισθοῦν μετὰ τὰς ἐκλογάς.

Ἡ κίνησις διὰ τὴν ἑνοποίησιν τοῦ Κέντρου ἀνεστάλη προσωρινῶς ἕνεκα τῶν διαφωνιῶν ποὺ ἀνεφάνησαν μεταξὺ τῶν ἡγετῶν τῶν κομμάτων. Ὁ κ. Παπανδρέου ἐδήλωσεν ὅτι αἱ συνομιλίαι θὰ συνεχισθοῦν μετὰ τὰς ἐκλογάς.

ΑΙ ΕΞΕΤΑΣΕΙΣ ΕΙΣ ΤΑΣ ΓΥΜΝΑΣΤ. ΑΚΑΔΗΜΙΑΣ

Ἡ κίνησις διὰ τὴν ἑνοποίησιν τοῦ Κέντρου ἀνεστάλη προσωρινῶς ἕνεκα τῶν διαφωνιῶν ποὺ ἀνεφάνησαν μεταξὺ τῶν ἡγετῶν τῶν κομμάτων. Ὁ κ. Παπανδρέου ἐδήλωσεν ὅτι αἱ συνομιλίαι θὰ συνεχισθοῦν μετὰ τὰς ἐκλογάς.

Ἡ κίνησις διὰ τὴν ἑνοποίησιν τοῦ Κέντρου ἀνεστάλη προσωρινῶς ἕνεκα τῶν διαφωνιῶν ποὺ ἀνεφάνησαν μεταξὺ τῶν ἡγετῶν τῶν κομμάτων. Ὁ κ. Παπανδρέου ἐδήλωσεν ὅτι αἱ συνομιλίαι θὰ συνεχισθοῦν μετὰ τὰς ἐκλογάς.

ΟΡΚΩΜΟΣΙΑ ΝΕΩΝ ΑΝΘΥΠΟΣΠΑΣΤΩΝ

Ἡ κίνησις διὰ τὴν ἑνοποίησιν τοῦ Κέντρου ἀνεστάλη προσωρινῶς ἕνεκα τῶν διαφωνιῶν ποὺ ἀνεφάνησαν μεταξὺ τῶν ἡγετῶν τῶν κομμάτων. Ὁ κ. Παπανδρέου ἐδήλωσεν ὅτι αἱ συνομιλίαι θὰ συνεχισθοῦν μετὰ τὰς ἐκλογάς.

Ἡ κίνησις διὰ τὴν ἑνοποίησιν τοῦ Κέντρου ἀνεστάλη προσωρινῶς ἕνεκα τῶν διαφωνιῶν ποὺ ἀνεφάνησαν μεταξὺ τῶν ἡγετῶν τῶν κομμάτων. Ὁ κ. Παπανδρέου ἐδήλωσεν ὅτι αἱ συνομιλίαι θὰ συνεχισθοῦν μετὰ τὰς ἐκλογάς.

Ἡ κίνησις διὰ τὴν ἑνοποίησιν τοῦ Κέντρου ἀνεστάλη προσωρινῶς ἕνεκα τῶν διαφωνιῶν ποὺ ἀνεφάνησαν μεταξὺ τῶν ἡγετῶν τῶν κομμάτων. Ὁ κ. Παπανδρέου ἐδήλωσεν ὅτι αἱ συνομιλίαι θὰ συνεχισθοῦν μετὰ τὰς ἐκλογάς.

ΠΩΣ ΑΠΕΚΤΗΣΑΜΕΝ ΤΑ ΠΡΩΤΕΙΑ ΝΟΜΙΣΜΑΤΙΚΗΣ ΣΤΑΘΕΡΟΤΗΤΟΣ
ΕΛΛΗΝΙΚΟΙ ΚΑΙ ΞΕΝΟΙ ΔΕΙΚΤΑΙ

Ἐκ τῶν δημοσιευθέντων στοιχείων προκύπτει ὅτι ἡ δραχμὴ ἐσημείωσε τὴν μεγαλυτέραν σταθερότητα μεταξὺ τῶν εὐρωπαϊκῶν νομισμάτων. Οἱ δεῖκται τιμῶν καταναλωτοῦ παρέμειναν σχεδὸν ἀμετάβλητοι κατὰ τὴν τελευταίαν τριετίαν.

Ἐκ τῶν δημοσιευθέντων στοιχείων προκύπτει ὅτι ἡ δραχμὴ ἐσημείωσε τὴν μεγαλυτέραν σταθερότητα μεταξὺ τῶν εὐρωπαϊκῶν νομισμάτων. Οἱ δεῖκται τιμῶν καταναλωτοῦ παρέμειναν σχεδὸν ἀμετάβλητοι κατὰ τὴν τελευταίαν τριετίαν.

Ἐκ τῶν δημοσιευθέντων στοιχείων προκύπτει ὅτι ἡ δραχμὴ ἐσημείωσε τὴν μεγαλυτέραν σταθερότητα μεταξὺ τῶν εὐρωπαϊκῶν νομισμάτων. Οἱ δεῖκται τιμῶν καταναλωτοῦ παρέμειναν σχεδὸν ἀμετάβλητοι κατὰ τὴν τελευταίαν τριετίαν.

Ἐκ τῶν δημοσιευθέντων στοιχείων προκύπτει ὅτι ἡ δραχμὴ ἐσημείωσε τὴν μεγαλυτέραν σταθερότητα μεταξὺ τῶν εὐρωπαϊκῶν νομισμάτων. Οἱ δεῖκται τιμῶν καταναλωτοῦ παρέμειναν σχεδὸν ἀμετάβλητοι κατὰ τὴν τελευταίαν τριετίαν.

Ἐκ τῶν δημοσιευθέντων στοιχείων προκύπτει ὅτι ἡ δραχμὴ ἐσημείωσε τὴν μεγαλυτέραν σταθερότητα μεταξὺ τῶν εὐρωπαϊκῶν νομισμάτων. Οἱ δεῖκται τιμῶν καταναλωτοῦ παρέμειναν σχεδὸν ἀμετάβλητοι κατὰ τὴν τελευταίαν τριετίαν.

ΤΟ ΙΡΑΚ ΘΑ ΕΓΚΑΤΑΛΕΙΨΗ ΤΗΝ ΠΕΡΙΟΧΗΝ ΤΗΣ ΣΤΕΡΛΙΝΑΣ ΠΡΟΣΕΧΩΣ

ΚΑΪΡΟΝ, 12. (Γαλ. Πρ.). — Ἐγκυροι κύκλοι ἐδήλωσαν ὅτι τὸ Ἰρὰκ θὰ ἀποχωρήσῃ προσεχῶς ἐκ τῆς περιοχῆς τῆς στερλίνας. Ὁ ὑπαρχηγὸς τῶν ἐνόπλων δυνάμεων ἀπηλλάγη τῶν καθηκόντων του.

ΚΑΪΡΟΝ, 12. (Γαλ. Πρ.). — Ἐγκυροι κύκλοι ἐδήλωσαν ὅτι τὸ Ἰρὰκ θὰ ἀποχωρήσῃ προσεχῶς ἐκ τῆς περιοχῆς τῆς στερλίνας. Ὁ ὑπαρχηγὸς τῶν ἐνόπλων δυνάμεων ἀπηλλάγη τῶν καθηκόντων του.

ΑΠΗΛΛΑΓΗ Ο ΥΠΑΡΧΗΓΟΣ ΤΩΝ ΕΝΟΠΛΩΝ ΔΥΝΑΜΕΩΝ

ΚΑΪΡΟΝ, 12. (Γαλ. Πρ.). — Ἐγκυροι κύκλοι ἐδήλωσαν ὅτι τὸ Ἰρὰκ θὰ ἀποχωρήσῃ προσεχῶς ἐκ τῆς περιοχῆς τῆς στερλίνας. Ὁ ὑπαρχηγὸς τῶν ἐνόπλων δυνάμεων ἀπηλλάγη τῶν καθηκόντων του.

ΚΑΪΡΟΝ, 12. (Γαλ. Πρ.). — Ἐγκυροι κύκλοι ἐδήλωσαν ὅτι τὸ Ἰρὰκ θὰ ἀποχωρήσῃ προσεχῶς ἐκ τῆς περιοχῆς τῆς στερλίνας. Ὁ ὑπαρχηγὸς τῶν ἐνόπλων δυνάμεων ἀπηλλάγη τῶν καθηκόντων του.

ΚΑΪΡΟΝ, 12. (Γαλ. Πρ.). — Ἐγκυροι κύκλοι ἐδήλωσαν ὅτι τὸ Ἰρὰκ θὰ ἀποχωρήσῃ προσεχῶς ἐκ τῆς περιοχῆς τῆς στερλίνας. Ὁ ὑπαρχηγὸς τῶν ἐνόπλων δυνάμεων ἀπηλλάγη τῶν καθηκόντων του.

ΑΝΘΡΩΠΙΝΑ ΜΕΛΗ ΠΡΟΕΡΧΟΜΕΝΑ ΑΠΟ ΧΕΙΡΟΥΡΓΙΚΗΝ ΚΛΙΝΙΚΗΝ ΕΥΡΕΘΗΣΑΝ ΠΑΡΑ ΤΗΝ ΡΑΦΗΝΑΝ

Αἱ ἀστυνομικαὶ ἀρχαὶ τῆς περιοχῆς Ραφήνης ἀνεκάλυψαν χθὲς ἀνθρώπινα μέλη ἀπορριφθέντα εἰς τὴν ἀκτήν. Ἐκ τῆς ἐρεύνης διεπιστώθη ὅτι ταῦτα προέρχονται ἐκ χειρουργικῆς κλινικῆς.

Αἱ ἀστυνομικαὶ ἀρχαὶ τῆς περιοχῆς Ραφήνης ἀνεκάλυψαν χθὲς ἀνθρώπινα μέλη ἀπορριφθέντα εἰς τὴν ἀκτήν. Ἐκ τῆς ἐρεύνης διεπιστώθη ὅτι ταῦτα προέρχονται ἐκ χειρουργικῆς κλινικῆς.

Αἱ ἀστυνομικαὶ ἀρχαὶ τῆς περιοχῆς Ραφήνης ἀνεκάλυψαν χθὲς ἀνθρώπινα μέλη ἀπορριφθέντα εἰς τὴν ἀκτήν. Ἐκ τῆς ἐρεύνης διεπιστώθη ὅτι ταῦτα προέρχονται ἐκ χειρουργικῆς κλινικῆς.

ΕΙΔΗΣΕΙΣ ΑΠΟ ΤΑΣ ΕΠΑΡΧΙΑΣ

ΚΑΒΑΛΑ, 12. (Τοῦ ἀνταποκριτοῦ μας). — Εἰς τὴν πόλιν ἔφθασε χθὲς ἀντιπροσωπεία τοῦ Ὑπουργείου Γεωργίας. — ΡΟΔΟΣ, 12. — Ἐγκαινιάσθη ἡ νέα προκυμαία. — ΘΕΣΣΑΛΟΝΙΚΗ, 12. — Συνῆλθε τὸ δημοτικὸν συμβούλιον. — ΚΑΛΑΜΑΙ, 12. — Ὁ νομάρχης ἐπεσκέφθη τὰ πληγέντα χωρία.

ΚΑΒΑΛΑ, 12. (Τοῦ ἀνταποκριτοῦ μας). — Εἰς τὴν πόλιν ἔφθασε χθὲς ἀντιπροσωπεία τοῦ Ὑπουργείου Γεωργίας. — ΡΟΔΟΣ, 12. — Ἐγκαινιάσθη ἡ νέα προκυμαία. — ΘΕΣΣΑΛΟΝΙΚΗ, 12. — Συνῆλθε τὸ δημοτικὸν συμβούλιον. — ΚΑΛΑΜΑΙ, 12. — Ὁ νομάρχης ἐπεσκέφθη τὰ πληγέντα χωρία.

ΚΑΒΑΛΑ, 12. (Τοῦ ἀνταποκριτοῦ μας). — Εἰς τὴν πόλιν ἔφθασε χθὲς ἀντιπροσωπεία τοῦ Ὑπουργείου Γεωργίας. — ΡΟΔΟΣ, 12. — Ἐγκαινιάσθη ἡ νέα προκυμαία. — ΘΕΣΣΑΛΟΝΙΚΗ, 12. — Συνῆλθε τὸ δημοτικὸν συμβούλιον. — ΚΑΛΑΜΑΙ, 12. — Ὁ νομάρχης ἐπεσκέφθη τὰ πληγέντα χωρία.

ΚΑΒΑΛΑ, 12. (Τοῦ ἀνταποκριτοῦ μας). — Εἰς τὴν πόλιν ἔφθασε χθὲς ἀντιπροσωπεία τοῦ Ὑπουργείου Γεωργίας. — ΡΟΔΟΣ, 12. — Ἐγκαινιάσθη ἡ νέα προκυμαία. — ΘΕΣΣΑΛΟΝΙΚΗ, 12. — Συνῆλθε τὸ δημοτικὸν συμβούλιον. — ΚΑΛΑΜΑΙ, 12. — Ὁ νομάρχης ἐπεσκέφθη τὰ πληγέντα χωρία.

ΚΑΒΑΛΑ, 12. (Τοῦ ἀνταποκριτοῦ μας). — Εἰς τὴν πόλιν ἔφθασε χθὲς ἀντιπροσωπεία τοῦ Ὑπουργείου Γεωργίας. — ΡΟΔΟΣ, 12. — Ἐγκαινιάσθη ἡ νέα προκυμαία. — ΘΕΣΣΑΛΟΝΙΚΗ, 12. — Συνῆλθε τὸ δημοτικὸν συμβούλιον. — ΚΑΛΑΜΑΙ, 12. — Ὁ νομάρχης ἐπεσκέφθη τὰ πληγέντα χωρία.

ΚΑΒΑΛΑ, 12. (Τοῦ ἀνταποκριτοῦ μας). — Εἰς τὴν πόλιν ἔφθασε χθὲς ἀντιπροσωπεία τοῦ Ὑπουργείου Γεωργίας. — ΡΟΔΟΣ, 12. — Ἐγκαινιάσθη ἡ νέα προκυμαία. — ΘΕΣΣΑΛΟΝΙΚΗ, 12. — Συνῆλθε τὸ δημοτικὸν συμβούλιον. — ΚΑΛΑΜΑΙ, 12. — Ὁ νομάρχης ἐπεσκέφθη τὰ πληγέντα χωρία.

ΚΑΪΡΟΝ, 12. (Γαλ. Πρ.). — Ἐγκυροι κύκλοι ἐδήλωσαν ὅτι τὸ Ἰρὰκ θὰ ἀποχωρήσῃ προσεχῶς ἐκ τῆς περιοχῆς τῆς στερλίνας. Ὁ ὑπαρχηγὸς τῶν ἐνόπλων δυνάμεων ἀπηλλάγη τῶν καθηκόντων του.

ΚΑΪΡΟΝ, 12. (Γαλ. Πρ.). — Ἐγκυροι κύκλοι ἐδήλωσαν ὅτι τὸ Ἰρὰκ θὰ ἀποχωρήσῃ προσεχῶς ἐκ τῆς περιοχῆς τῆς στερλίνας. Ὁ ὑπαρχηγὸς τῶν ἐνόπλων δυνάμεων ἀπηλλάγη τῶν καθηκόντων του.

ΚΑΪΡΟΝ, 12. (Γαλ. Πρ.). — Ἐγκυροι κύκλοι ἐδήλωσαν ὅτι τὸ Ἰρὰκ θὰ ἀποχωρήσῃ προσεχῶς ἐκ τῆς περιοχῆς τῆς στερλίνας. Ὁ ὑπαρχηγὸς τῶν ἐνόπλων δυνάμεων ἀπηλλάγη τῶν καθηκόντων του.

ΚΑΪΡΟΝ, 12. (Γαλ. Πρ.). — Ἐγκυροι κύκλοι ἐδήλωσαν ὅτι τὸ Ἰρὰκ θὰ ἀποχωρήσῃ προσεχῶς ἐκ τῆς περιοχῆς τῆς στερλίνας. Ὁ ὑπαρχηγὸς τῶν ἐνόπλων δυνάμεων ἀπηλλάγη τῶν καθηκόντων του.

ΚΑΪΡΟΝ, 12. (Γαλ. Πρ.). — Ἐγκυροι κύκλοι ἐδήλωσαν ὅτι τὸ Ἰρὰκ θὰ ἀποχωρήσῃ προσεχῶς ἐκ τῆς περιοχῆς τῆς στερλίνας. Ὁ ὑπαρχηγὸς τῶν ἐνόπλων δυνάμεων ἀπηλλάγη τῶν καθηκόντων του.

ΚΑΪΡΟΝ, 12. (Γαλ. Πρ.). — Ἐγκυροι κύκλοι ἐδήλωσαν ὅτι τὸ Ἰρὰκ θὰ ἀποχωρήσῃ προσεχῶς ἐκ τῆς περιοχῆς τῆς στερλίνας. Ὁ ὑπαρχηγὸς τῶν ἐνόπλων δυνάμεων ἀπηλλάγη τῶν καθηκόντων του.

ΚΑΪΡΟΝ, 12. (Γαλ. Πρ.). — Ἐγκυροι κύκλοι ἐδήλωσαν ὅτι τὸ Ἰρὰκ θὰ ἀποχωρήσῃ προσεχῶς ἐκ τῆς περιοχῆς τῆς στερλίνας. Ὁ ὑπαρχηγὸς τῶν ἐνόπλων δυνάμεων ἀπηλλάγη τῶν καθηκόντων του.

ΚΑΪΡΟΝ, 12. (Γαλ. Πρ.). — Ἐγκυροι κύκλοι ἐδήλωσαν ὅτι τὸ Ἰρὰκ θὰ ἀποχωρήσῃ προσεχῶς ἐκ τῆς περιοχῆς τῆς στερλίνας. Ὁ ὑπαρχηγὸς τῶν ἐνόπλων δυνάμεων ἀπηλλάγη τῶν καθηκόντων του.

ΑΝΑΣΤΕΛΛΕΤΑΙ Η ΚΙΝΗΣΙΣ ΕΝΟΠΟΙΗΣΕΩΣ ΤΟΥ ΚΕΝΤΡΟΥ
ΣΥΝΕΧΕΙΑ ΕΚ ΤΗΣ 1ης ΣΕΛΙΔΟΣ

Ἡ κίνησις διὰ τὴν ἑνοποίησιν τοῦ Κέντρου ἀνεστάλη προσωρινῶς ἕνεκα τῶν διαφωνιῶν ποὺ ἀνεφάνησαν μεταξὺ τῶν ἡγετῶν τῶν κομμάτων. Ὁ κ. Παπανδρέου ἐδήλωσεν ὅτι αἱ συνομιλίαι θὰ συνεχισθοῦν μετὰ τὰς ἐκλογάς.

Ἡ κίνησις διὰ τὴν ἑνοποίησιν τοῦ Κέντρου ἀνεστάλη προσωρινῶς ἕνεκα τῶν διαφωνιῶν ποὺ ἀνεφάνησαν μεταξὺ τῶν ἡγετῶν τῶν κομμάτων. Ὁ κ. Παπανδρέου ἐδήλωσεν ὅτι αἱ συνομιλίαι θὰ συνεχισθοῦν μετὰ τὰς ἐκλογάς.

Ἡ κίνησις διὰ τὴν ἑνοποίησιν τοῦ Κέντρου ἀνεστάλη προσωρινῶς ἕνεκα τῶν διαφωνιῶν ποὺ ἀνεφάνησαν μεταξὺ τῶν ἡγετῶν τῶν κομμάτων. Ὁ κ. Παπανδρέου ἐδήλωσεν ὅτι αἱ συνομιλίαι θὰ συνεχισθοῦν μετὰ τὰς ἐκλογάς.

Ο κ. ΠΑΠΑΝΔΡΕΟΥ

Ἡ κίνησις διὰ τὴν ἑνοποίησιν τοῦ Κέντρου ἀνεστάλη προσωρινῶς ἕνεκα τῶν διαφωνιῶν ποὺ ἀνεφάνησαν μεταξὺ τῶν ἡγετῶν τῶν κομμάτων. Ὁ κ. Παπανδρέου ἐδήλωσεν ὅτι αἱ συνομιλίαι θὰ συνεχισθοῦν μετὰ τὰς ἐκλογάς.

Ἡ κίνησις διὰ τὴν ἑνοποίησιν τοῦ Κέντρου ἀνεστάλη προσωρινῶς ἕνεκα τῶν διαφωνιῶν ποὺ ἀνεφάνησαν μεταξὺ τῶν ἡγετῶν τῶν κομμάτων. Ὁ κ. Παπανδρέου ἐδήλωσεν ὅτι αἱ συνομιλίαι θὰ συνεχισθοῦν μετὰ τὰς ἐκλογάς.

ΜΕΙΩΣΙΣ ΠΑΡΑΚΡΑΤΗΜΑΤΩΝ ΕΙΣ ΕΠΙΔΟΜΑΤΑ

Ἡ κίνησις διὰ τὴν ἑνοποίησιν τοῦ Κέντρου ἀνεστάλη προσωρινῶς ἕνεκα τῶν διαφωνιῶν ποὺ ἀνεφάνησαν μεταξὺ τῶν ἡγετῶν τῶν κομμάτων. Ὁ κ. Παπανδρέου ἐδήλωσεν ὅτι αἱ συνομιλίαι θὰ συνεχισθοῦν μετὰ τὰς ἐκλογάς.

Ἡ κίνησις διὰ τὴν ἑνοποίησιν τοῦ Κέντρου ἀνεστάλη προσωρινῶς ἕνεκα τῶν διαφωνιῶν ποὺ ἀνεφάνησαν μεταξὺ τῶν ἡγετῶν τῶν κομμάτων. Ὁ κ. Παπανδρέου ἐδήλωσεν ὅτι αἱ συνομιλίαι θὰ συνεχισθοῦν μετὰ τὰς ἐκλογάς.

Ο κ. ΒΕΝΙΖΕΛΟΣ ΥΠΑΝΑΧΩΡΕΙ

Ἡ κίνησις διὰ τὴν ἑνοποίησιν τοῦ Κέντρου ἀνεστάλη προσωρινῶς ἕνεκα τῶν διαφωνιῶν ποὺ ἀνεφάνησαν μεταξὺ τῶν ἡγετῶν τῶν κομμάτων. Ὁ κ. Παπανδρέου ἐδήλωσεν ὅτι αἱ συνομιλίαι θὰ συνεχισθοῦν μετὰ τὰς ἐκλογάς.

Ἡ κίνησις διὰ τὴν ἑνοποίησιν τοῦ Κέντρου ἀνεστάλη προσωρινῶς ἕνεκα τῶν διαφωνιῶν ποὺ ἀνεφάνησαν μεταξὺ τῶν ἡγετῶν τῶν κομμάτων. Ὁ κ. Παπανδρέου ἐδήλωσεν ὅτι αἱ συνομιλίαι θὰ συνεχισθοῦν μετὰ τὰς ἐκλογάς.

Ο ΣΤΡΑΤΟΣ ΑΝΙΣΤΑΤΑΙ ΣΗΜΕΡΟΝ ΕΙΣ ΤΑΣ ΑΘΗΝΑΣ

Ἡ κίνησις διὰ τὴν ἑνοποίησιν τοῦ Κέντρου ἀνεστάλη προσωρινῶς ἕνεκα τῶν διαφωνιῶν ποὺ ἀνεφάνησαν μεταξὺ τῶν ἡγετῶν τῶν κομμάτων. Ὁ κ. Παπανδρέου ἐδήλωσεν ὅτι αἱ συνομιλίαι θὰ συνεχισθοῦν μετὰ τὰς ἐκλογάς.

Ἡ κίνησις διὰ τὴν ἑνοποίησιν τοῦ Κέντρου ἀνεστάλη προσωρινῶς ἕνεκα τῶν διαφωνιῶν ποὺ ἀνεφάνησαν μεταξὺ τῶν ἡγετῶν τῶν κομμάτων. Ὁ κ. Παπανδρέου ἐδήλωσεν ὅτι αἱ συνομιλίαι θὰ συνεχισθοῦν μετὰ τὰς ἐκλογάς.

Ἡ κίνησις διὰ τὴν ἑνοποίησιν τοῦ Κέντρου ἀνεστάλη προσωρινῶς ἕνεκα τῶν διαφωνιῶν ποὺ ἀνεφάνησαν μεταξὺ τῶν ἡγετῶν τῶν κομμάτων. Ὁ κ. Παπανδρέου ἐδήλωσεν ὅτι αἱ συνομιλίαι θὰ συνεχισθοῦν μετὰ τὰς ἐκλογάς.

Ἀπηγορεύθη ὑπὸ τῆς Μόσχας ἡ κυκλοφορία Γιουγκοσλαβικῶν ἐφημερίδων εἰς τὴν Ρωσίαν
ΚΑΤΑΓΓΕΛΛΕΙ ΤΟ ΒΕΛΙΓΡΑΔΙΟΝ

ΒΕΛΙΓΡΑΔΙΟΝ, 12. (Ρώϊτερ). — Ἡ ἐφημερὶς «Μπόρμπα» ἀνακοινώνει ὅτι αἱ σοβιετικαὶ ἀρχαὶ ἀπηγόρευσαν τὴν κυκλοφορίαν τῶν γιουγκοσλαβικῶν ἐφημερίδων εἰς τὴν Σοβιετικὴν Ἕνωσιν.

ΒΕΛΙΓΡΑΔΙΟΝ, 12. (Ρώϊτερ). — Ἡ ἐφημερὶς «Μπόρμπα» ἀνακοινώνει ὅτι αἱ σοβιετικαὶ ἀρχαὶ ἀπηγόρευσαν τὴν κυκλοφορίαν τῶν γιουγκοσλαβικῶν ἐφημερίδων εἰς τὴν Σοβιετικὴν Ἕνωσιν.

ΒΕΛΙΓΡΑΔΙΟΝ, 12. (Ρώϊτερ). — Ἡ ἐφημερὶς «Μπόρμπα» ἀνακοινώνει ὅτι αἱ σοβιετικαὶ ἀρχαὶ ἀπηγόρευσαν τὴν κυκλοφορίαν τῶν γιουγκοσλαβικῶν ἐφημερίδων εἰς τὴν Σοβιετικὴν Ἕνωσιν.

Η ΑΜΕΡΙΚΗ ΘΑ ΕΜΦΑΝΙΣΘΗ ΜΕ ΠΡΟΓΡΑΜΜΑ «ΤΟΝΩΤΙΚΩΝ» ΕΙΣ ΤΟΝ ΟΗΕ, ΛΕΓΕΙ Ο ΝΤΑΛΛΕΣ

ΟΥΑΣΙΓΚΤΩΝ, 12. (Γαλ. Πρ.). — Ὁ Ἀμερικανὸς ὑπουργὸς τῶν Ἐξωτερικῶν κ. Ντάλλες ἐδήλωσεν ὅτι ἡ ἀμερικανικὴ ἀντιπροσωπεία θὰ ἐμφανισθῇ εἰς τὴν Γενικὴν Συνέλευσιν τοῦ ΟΗΕ μὲ πρόγραμμα «τονωτικῶν» διὰ τὴν εἰρήνην.

ΟΥΑΣΙΓΚΤΩΝ, 12. (Γαλ. Πρ.). — Ὁ Ἀμερικανὸς ὑπουργὸς τῶν Ἐξωτερικῶν κ. Ντάλλες ἐδήλωσεν ὅτι ἡ ἀμερικανικὴ ἀντιπροσωπεία θὰ ἐμφανισθῇ εἰς τὴν Γενικὴν Συνέλευσιν τοῦ ΟΗΕ μὲ πρόγραμμα «τονωτικῶν» διὰ τὴν εἰρήνην.

ΟΥΑΣΙΓΚΤΩΝ, 12. (Γαλ. Πρ.). — Ὁ Ἀμερικανὸς ὑπουργὸς τῶν Ἐξωτερικῶν κ. Ντάλλες ἐδήλωσεν ὅτι ἡ ἀμερικανικὴ ἀντιπροσωπεία θὰ ἐμφανισθῇ εἰς τὴν Γενικὴν Συνέλευσιν τοῦ ΟΗΕ μὲ πρόγραμμα «τονωτικῶν» διὰ τὴν εἰρήνην.

ΑΜΕΡΙΚΑΝΙΚΟΝ ΑΕΡΟΠΛΑΝΟΝ ΚΥΚΛΩΘΕΝ ΑΠΟ ΚΑΤΑΔΙΩΚΤΙΚΑ ΣΥΝΕΤΡΙΒΗ ΕΙΣ Ν.Δ. ΡΩΣΙΑΝ

ΟΥΑΣΙΓΚΤΩΝ, 12. — Τὸ Ὑπουργεῖον Ἀμύνης ἀνεκοίνωσεν ὅτι ἀμερικανικὸν μεταφορικὸν ἀεροπλάνον, τὸ ὁποῖον ἐκυκλώθη ἀπὸ σοβιετικὰ καταδιωκτικά, συνετρίβη εἰς τὴν νοτιοδυτικὴν Ρωσίαν.

ΟΥΑΣΙΓΚΤΩΝ, 12. — Τὸ Ὑπουργεῖον Ἀμύνης ἀνεκοίνωσεν ὅτι ἀμερικανικὸν μεταφορικὸν ἀεροπλάνον, τὸ ὁποῖον ἐκυκλώθη ἀπὸ σοβιετικὰ καταδιωκτικά, συνετρίβη εἰς τὴν νοτιοδυτικὴν Ρωσίαν.

ΗΥΞΗΘΗ ΑΠΟ 32,4 ΕΙΣ 111ο)οο Η ΘΝΗΣΙΜΟΤΗΣ ΑΠΟ ΚΑΡΚΙΝΟΝ ΤΗΝ ΤΕΛΕΥΤΑΙΑΝ ΔΕΚΑΕΤΙΑΝ

Πληροφορούμεθα ὅτι ἐκ τῶν ὑπολογισμῶν τῆς ὑπηρεσίας στατιστικῆς προκύπτει ὅτι ἡ θνησιμότης ἀπὸ καρκίνον ηὐξήθη σημαντικῶς κατὰ τὴν τελευταίαν δεκαετίαν.

Πληροφορούμεθα ὅτι ἐκ τῶν ὑπολογισμῶν τῆς ὑπηρεσίας στατιστικῆς προκύπτει ὅτι ἡ θνησιμότης ἀπὸ καρκίνον ηὐξήθη σημαντικῶς κατὰ τὴν τελευταίαν δεκαετίαν.

Πληροφορούμεθα ὅτι ἐκ τῶν ὑπολογισμῶν τῆς ὑπηρεσίας στατιστικῆς προκύπτει ὅτι ἡ θνησιμότης ἀπὸ καρκίνον ηὐξήθη σημαντικῶς κατὰ τὴν τελευταίαν δεκαετίαν.

Πληροφορούμεθα ὅτι ἐκ τῶν ὑπολογισμῶν τῆς ὑπηρεσίας στατιστικῆς προκύπτει ὅτι ἡ θνησιμότης ἀπὸ καρκίνον ηὐξήθη σημαντικῶς κατὰ τὴν τελευταίαν δεκαετίαν.

Πληροφορούμεθα ὅτι ἐκ τῶν ὑπολογισμῶν τῆς ὑπηρεσίας στατιστικῆς προκύπτει ὅτι ἡ θνησιμότης ἀπὸ καρκίνον ηὐξήθη σημαντικῶς κατὰ τὴν τελευταίαν δεκαετίαν.

ΔΙΑΣΚΕΨΙΣ ΤΩΝ ΑΜΕΡΙΚΑΝΩΝ ΠΡΕΣΒΕΥΤΩΝ ΕΙΣ ΤΑΣ ΑΘΗΝΑΣ

Πληροφορούμεθα ὅτι θὰ συνέλθῃ εἰς τὰς Ἀθήνας διάσκεψις τῶν Ἀμερικανῶν πρεσβευτῶν τῶν χωρῶν τῆς Ἐγγὺς Ἀνατολῆς, ὑπὸ τὴν προεδρίαν ἀνωτέρου ὑπαλλήλου τοῦ Στέιτ Ντηπάρτμεντ.

Πληροφορούμεθα ὅτι θὰ συνέλθῃ εἰς τὰς Ἀθήνας διάσκεψις τῶν Ἀμερικανῶν πρεσβευτῶν τῶν χωρῶν τῆς Ἐγγὺς Ἀνατολῆς, ὑπὸ τὴν προεδρίαν ἀνωτέρου ὑπαλλήλου τοῦ Στέιτ Ντηπάρτμεντ.

Πληροφορούμεθα ὅτι θὰ συνέλθῃ εἰς τὰς Ἀθήνας διάσκεψις τῶν Ἀμερικανῶν πρεσβευτῶν τῶν χωρῶν τῆς Ἐγγὺς Ἀνατολῆς, ὑπὸ τὴν προεδρίαν ἀνωτέρου ὑπαλλήλου τοῦ Στέιτ Ντηπάρτμεντ.

ΕΜΕΙΩΘΗ ΤΟ ΣΥΝΑΛΛΑΓΜΑΤΙΚΟΝ ΑΠΟΘΕΜΑ ΛΟΓΩ ΠΡΟΚΑΤΑΒΟΛΩΝ

Ἀνεκοινώθη ὑπὸ τῆς Τραπέζης τῆς Ἑλλάδος ὅτι τὸ συναλλαγματικὸν ἀπόθεμα τῆς χώρας ἐμειώθη κατὰ τὸν μῆνα Αὔγουστον λόγῳ προκαταβολῶν εἰς προμηθευτάς.

Ἀνεκοινώθη ὑπὸ τῆς Τραπέζης τῆς Ἑλλάδος ὅτι τὸ συναλλαγματικὸν ἀπόθεμα τῆς χώρας ἐμειώθη κατὰ τὸν μῆνα Αὔγουστον λόγῳ προκαταβολῶν εἰς προμηθευτάς.

Ἀνεκοινώθη ὑπὸ τῆς Τραπέζης τῆς Ἑλλάδος ὅτι τὸ συναλλαγματικὸν ἀπόθεμα τῆς χώρας ἐμειώθη κατὰ τὸν μῆνα Αὔγουστον λόγῳ προκαταβολῶν εἰς προμηθευτάς.

Ἀνεκοινώθη ὑπὸ τῆς Τραπέζης τῆς Ἑλλάδος ὅτι τὸ συναλλαγματικὸν ἀπόθεμα τῆς χώρας ἐμειώθη κατὰ τὸν μῆνα Αὔγουστον λόγῳ προκαταβολῶν εἰς προμηθευτάς.

ΘΕΩΡΕΙΤΑΙ ΟΤΙ ΤΟ ΤΑΞΙΔΙΟΝ ΧΑΜΜΕΡΣΚΕΛΝΤ ΑΠΕΤΥΧΕΝ

ΒΗΡΥΤΟΣ, 12. (Γιουνάϊτεντ Πρές). — Ὁ Γεν. Γραμματεὺς τοῦ ΟΗΕ κ. Χαμμαρσκέλντ ἀνεχώρησεν ἐκ Βηρυτοῦ. Εἰς τοὺς διπλωματικοὺς κύκλους ἐπικρατεῖ ἡ ἐντύπωσις ὅτι ἡ περιοδεία του δὲν ἐπέτυχε.

ΒΗΡΥΤΟΣ, 12. (Γιουνάϊτεντ Πρές). — Ὁ Γεν. Γραμματεὺς τοῦ ΟΗΕ κ. Χαμμαρσκέλντ ἀνεχώρησεν ἐκ Βηρυτοῦ. Εἰς τοὺς διπλωματικοὺς κύκλους ἐπικρατεῖ ἡ ἐντύπωσις ὅτι ἡ περιοδεία του δὲν ἐπέτυχε.

ΒΗΡΥΤΟΣ, 12. (Γιουνάϊτεντ Πρές). — Ὁ Γεν. Γραμματεὺς τοῦ ΟΗΕ κ. Χαμμαρσκέλντ ἀνεχώρησεν ἐκ Βηρυτοῦ. Εἰς τοὺς διπλωματικοὺς κύκλους ἐπικρατεῖ ἡ ἐντύπωσις ὅτι ἡ περιοδεία του δὲν ἐπέτυχε.

ΒΗΡΥΤΟΣ, 12. (Γιουνάϊτεντ Πρές). — Ὁ Γεν. Γραμματεὺς τοῦ ΟΗΕ κ. Χαμμαρσκέλντ ἀνεχώρησεν ἐκ Βηρυτοῦ. Εἰς τοὺς διπλωματικοὺς κύκλους ἐπικρατεῖ ἡ ἐντύπωσις ὅτι ἡ περιοδεία του δὲν ἐπέτυχε.

ΕΛΛΗΝΟ-ΙΤΑΛΟΣ ΕΦΟΝΕΥΣΕ ΧΘΕΣ ΤΗΝ ΕΛΛΗΝΙΔΑ ΣΥΖΥΓΟΝ ΤΟΥ

ΓΕΝΟΒΑ, 12. (Γαλ. Πρ.). — Ἕνας Ἑλληνοϊταλὸς ἐφόνευσε χθὲς τὴν σύζυγόν του, Ἑλληνίδα τὴν καταγωγήν, ἐντὸς τῆς οἰκίας των. Ὁ δράστης συνελήφθη ὑπὸ τῆς ἀστυνομίας.

ΓΕΝΟΒΑ, 12. (Γαλ. Πρ.). — Ἕνας Ἑλληνοϊταλὸς ἐφόνευσε χθὲς τὴν σύζυγόν του, Ἑλληνίδα τὴν καταγωγήν, ἐντὸς τῆς οἰκίας των. Ὁ δράστης συνελήφθη ὑπὸ τῆς ἀστυνομίας.

ΓΕΝΟΒΑ, 12. (Γαλ. Πρ.). — Ἕνας Ἑλληνοϊταλὸς ἐφόνευσε χθὲς τὴν σύζυγόν του, Ἑλληνίδα τὴν καταγωγήν, ἐντὸς τῆς οἰκίας των. Ὁ δράστης συνελήφθη ὑπὸ τῆς ἀστυνομίας.

ΓΕΝΟΒΑ, 12. (Γαλ. Πρ.). — Ἕνας Ἑλληνοϊταλὸς ἐφόνευσε χθὲς τὴν σύζυγόν του, Ἑλληνίδα τὴν καταγωγήν, ἐντὸς τῆς οἰκίας των. Ὁ δράστης συνελήφθη ὑπὸ τῆς ἀστυνομίας.

ΓΕΝΟΒΑ, 12. (Γαλ. Πρ.). — Ἕνας Ἑλληνοϊταλὸς ἐφόνευσε χθὲς τὴν σύζυγόν του, Ἑλληνίδα τὴν καταγωγήν, ἐντὸς τῆς οἰκίας των. Ὁ δράστης συνελήφθη ὑπὸ τῆς ἀστυνομίας.

ΓΕΝΟΒΑ, 12. (Γαλ. Πρ.). — Ἕνας Ἑλληνοϊταλὸς ἐφόνευσε χθὲς τὴν σύζυγόν του, Ἑλληνίδα τὴν καταγωγήν, ἐντὸς τῆς οἰκίας των. Ὁ δράστης συνελήφθη ὑπὸ τῆς ἀστυνομίας.

ΣΥΝΤΟΜΟΙ ΕΣΩΤΕΡΙΚΑΙ ΕΙΔΗΣΕΙΣ

Ἐπὶ τῇ ἐπετείῳ τῆς ἀπελευθερώσεως ἐτελέσθη δοξολογία. — Ἀνεχώρησε διὰ Παρισίους ὁ ὑφυπουργὸς κ. Θεοτόκης. — ΡΟΔΟΣ, 12. — Ἀφίχθη ὁ στρατηγὸς Χάρκινς.

Ἐπὶ τῇ ἐπετείῳ τῆς ἀπελευθερώσεως ἐτελέσθη δοξολογία. — Ἀνεχώρησε διὰ Παρισίους ὁ ὑφυπουργὸς κ. Θεοτόκης. — ΡΟΔΟΣ, 12. — Ἀφίχθη ὁ στρατηγὸς Χάρκινς.

Ἐπὶ τῇ ἐπετείῳ τῆς ἀπελευθερώσεως ἐτελέσθη δοξολογία. — Ἀνεχώρησε διὰ Παρισίους ὁ ὑφυπουργὸς κ. Θεοτόκης. — ΡΟΔΟΣ, 12. — Ἀφίχθη ὁ στρατηγὸς Χάρκινς.

Ἐπὶ τῇ ἐπετείῳ τῆς ἀπελευθερώσεως ἐτελέσθη δοξολογία. — Ἀνεχώρησε διὰ Παρισίους ὁ ὑφυπουργὸς κ. Θεοτόκης. — ΡΟΔΟΣ, 12. — Ἀφίχθη ὁ στρατηγὸς Χάρκινς.

Ο ΣΤΡΑΤΗΓΟΣ ΧΑΡΚΙΝΣ ΑΦΙΧΘΗ ΕΙΣ ΤΗΝ ΡΟΔΟΝ

Ἐπὶ τῇ ἐπετείῳ τῆς ἀπελευθερώσεως ἐτελέσθη δοξολογία. — Ἀνεχώρησε διὰ Παρισίους ὁ ὑφυπουργὸς κ. Θεοτόκης. — ΡΟΔΟΣ, 12. — Ἀφίχθη ὁ στρατηγὸς Χάρκινς.

Ἐπὶ τῇ ἐπετείῳ τῆς ἀπελευθερώσεως ἐτελέσθη δοξολογία. — Ἀνεχώρησε διὰ Παρισίους ὁ ὑφυπουργὸς κ. Θεοτόκης. — ΡΟΔΟΣ, 12. — Ἀφίχθη ὁ στρατηγὸς Χάρκινς.
